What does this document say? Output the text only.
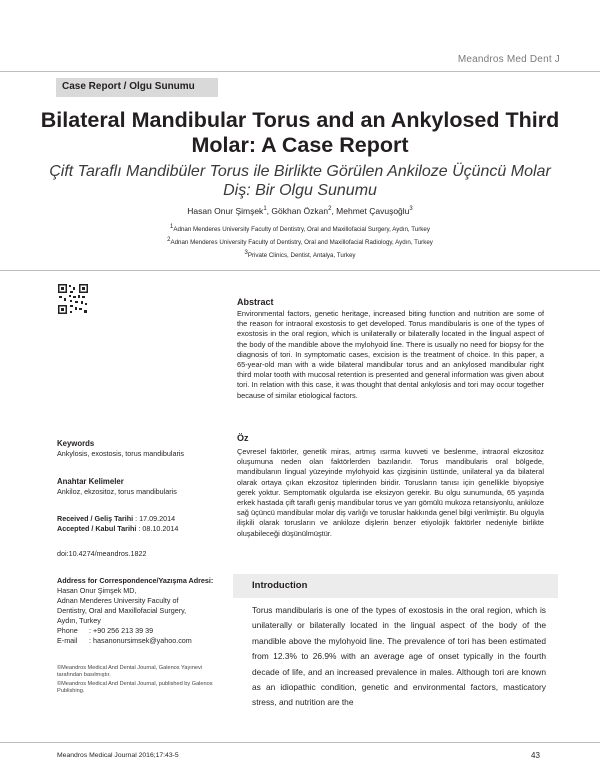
Meandros Med Dent J
Case Report / Olgu Sunumu
Bilateral Mandibular Torus and an Ankylosed Third Molar: A Case Report
Çift Taraflı Mandibüler Torus ile Birlikte Görülen Ankiloze Üçüncü Molar Diş: Bir Olgu Sunumu
Hasan Onur Şimşek$^1$, Gökhan Özkan$^2$, Mehmet Çavuşoğlu$^3$
$^1$Adnan Menderes University Faculty of Dentistry, Oral and Maxillofacial Surgery, Aydın, Turkey
$^2$Adnan Menderes University Faculty of Dentistry, Oral and Maxillofacial Radiology, Aydın, Turkey
$^3$Private Clinics, Dentist, Antalya, Turkey
Abstract
Environmental factors, genetic heritage, increased biting function and nutrition are some of the reason for intraoral exostosis to get developed. Torus mandibularis is one of the types of exostosis in the oral region, which is unilaterally or bilaterally located in the lingual aspect of the body of the mandible above the mylohyoid line. There is usually no need for biopsy for the diagnosis of tori. In symptomatic cases, excision is the treatment of choice. In this paper, a 65-year-old man with a wide bilateral mandibular torus and an ankylosed mandibular right third molar tooth with mucosal retention is presented and general information was given about tori. In relation with this case, it was thought that dental ankylosis and tori may occur together because of similar etiological factors.
Öz
Çevresel faktörler, genetik miras, artmış ısırma kuvveti ve beslenme, intraoral ekzositoz oluşumuna neden olan faktörlerden bazılarıdır. Torus mandibularis oral bölgede, mandibulanın lingual yüzeyinde mylohyoid kas çizgisinin üstünde, unilateral ya da bilateral olarak ortaya çıkan ekzositoz tiplerinden biridir. Torusların tanısı için genellikle biyopsiye gerek yoktur. Semptomatik olgularda ise eksizyon gerekir. Bu olgu sunumunda, 65 yaşında erkek hastada çift taraflı geniş mandibular torus ve yarı gömülü mukoza retansiyonlu, ankiloze sağ üçüncü mandibular molar diş varlığı ve toruslar hakkında genel bilgi verilmiştir. Bu olguyla ilişkili olarak torusların ve ankiloze dişlerin benzer etiyolojik faktörler nedeniyle birlikte oluşabileceği düşünülmüştür.
Keywords
Ankylosis, exostosis, torus mandibularis
Anahtar Kelimeler
Ankiloz, ekzositoz, torus mandibularis
Received / Geliş Tarihi : 17.09.2014
Accepted / Kabul Tarihi : 08.10.2014
doi:10.4274/meandros.1822
Address for Correspondence/Yazışma Adresi:
Hasan Onur Şimşek MD,
Adnan Menderes University Faculty of
Dentistry, Oral and Maxillofacial Surgery,
Aydın, Turkey
Phone : +90 256 213 39 39
E-mail : hasanonursimsek@yahoo.com
©Meandros Medical And Dental Journal, Galenos Yayınevi tarafından basılmıştır.
©Meandros Medical And Dental Journal, published by Galenos Publishing.
Introduction
Torus mandibularis is one of the types of exostosis in the oral region, which is unilaterally or bilaterally located in the lingual aspect of the body of the mandible above the mylohyoid line. The prevalence of tori has been estimated from 12.3% to 26.9% with an average age of onset typically in the fourth decade of life, and an increased prevalence in males. Although tori are known as an idiopathic condition, genetic and environmental factors, masticatory stress, and nutrition are the
Meandros Medical Journal 2016;17:43-5	43
